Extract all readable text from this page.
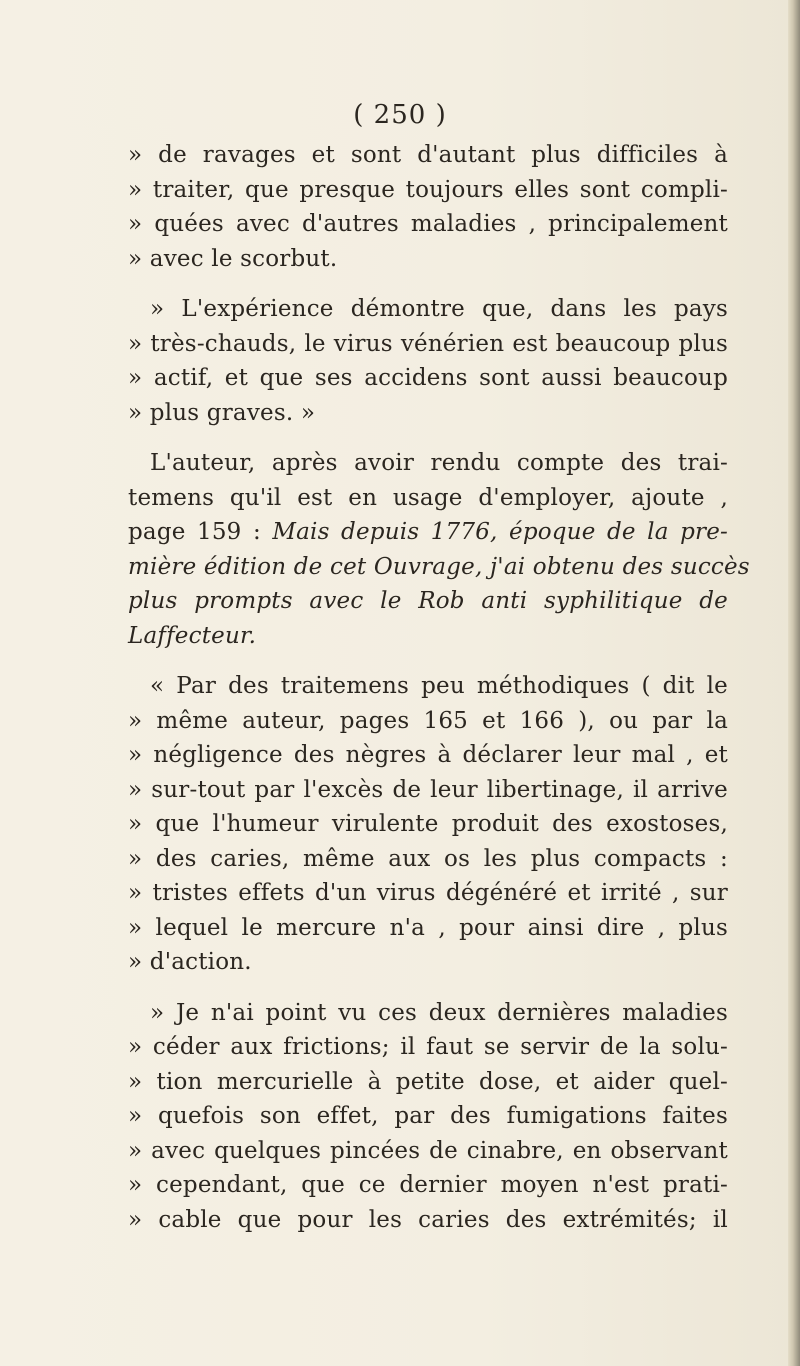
( 250 )
» de ravages et sont d'autant plus difficiles à
» traiter, que presque toujours elles sont compli-
» quées avec d'autres maladies , principalement
» avec le scorbut.
» L'expérience démontre que, dans les pays
» très-chauds, le virus vénérien est beaucoup plus
» actif, et que ses accidens sont aussi beaucoup
» plus graves. »
L'auteur, après avoir rendu compte des trai-
temens qu'il est en usage d'employer, ajoute ,
page 159 : Mais depuis 1776, époque de la pre-
mière édition de cet Ouvrage, j'ai obtenu des succès
plus prompts avec le Rob anti syphilitique de
Laffecteur.
« Par des traitemens peu méthodiques ( dit le
» même auteur, pages 165 et 166 ), ou par la
» négligence des nègres à déclarer leur mal , et
» sur-tout par l'excès de leur libertinage, il arrive
» que l'humeur virulente produit des exostoses,
» des caries, même aux os les plus compacts :
» tristes effets d'un virus dégénéré et irrité , sur
» lequel le mercure n'a , pour ainsi dire , plus
» d'action.
» Je n'ai point vu ces deux dernières maladies
» céder aux frictions; il faut se servir de la solu-
» tion mercurielle à petite dose, et aider quel-
» quefois son effet, par des fumigations faites
» avec quelques pincées de cinabre, en observant
» cependant, que ce dernier moyen n'est prati-
» cable que pour les caries des extrémités; il
